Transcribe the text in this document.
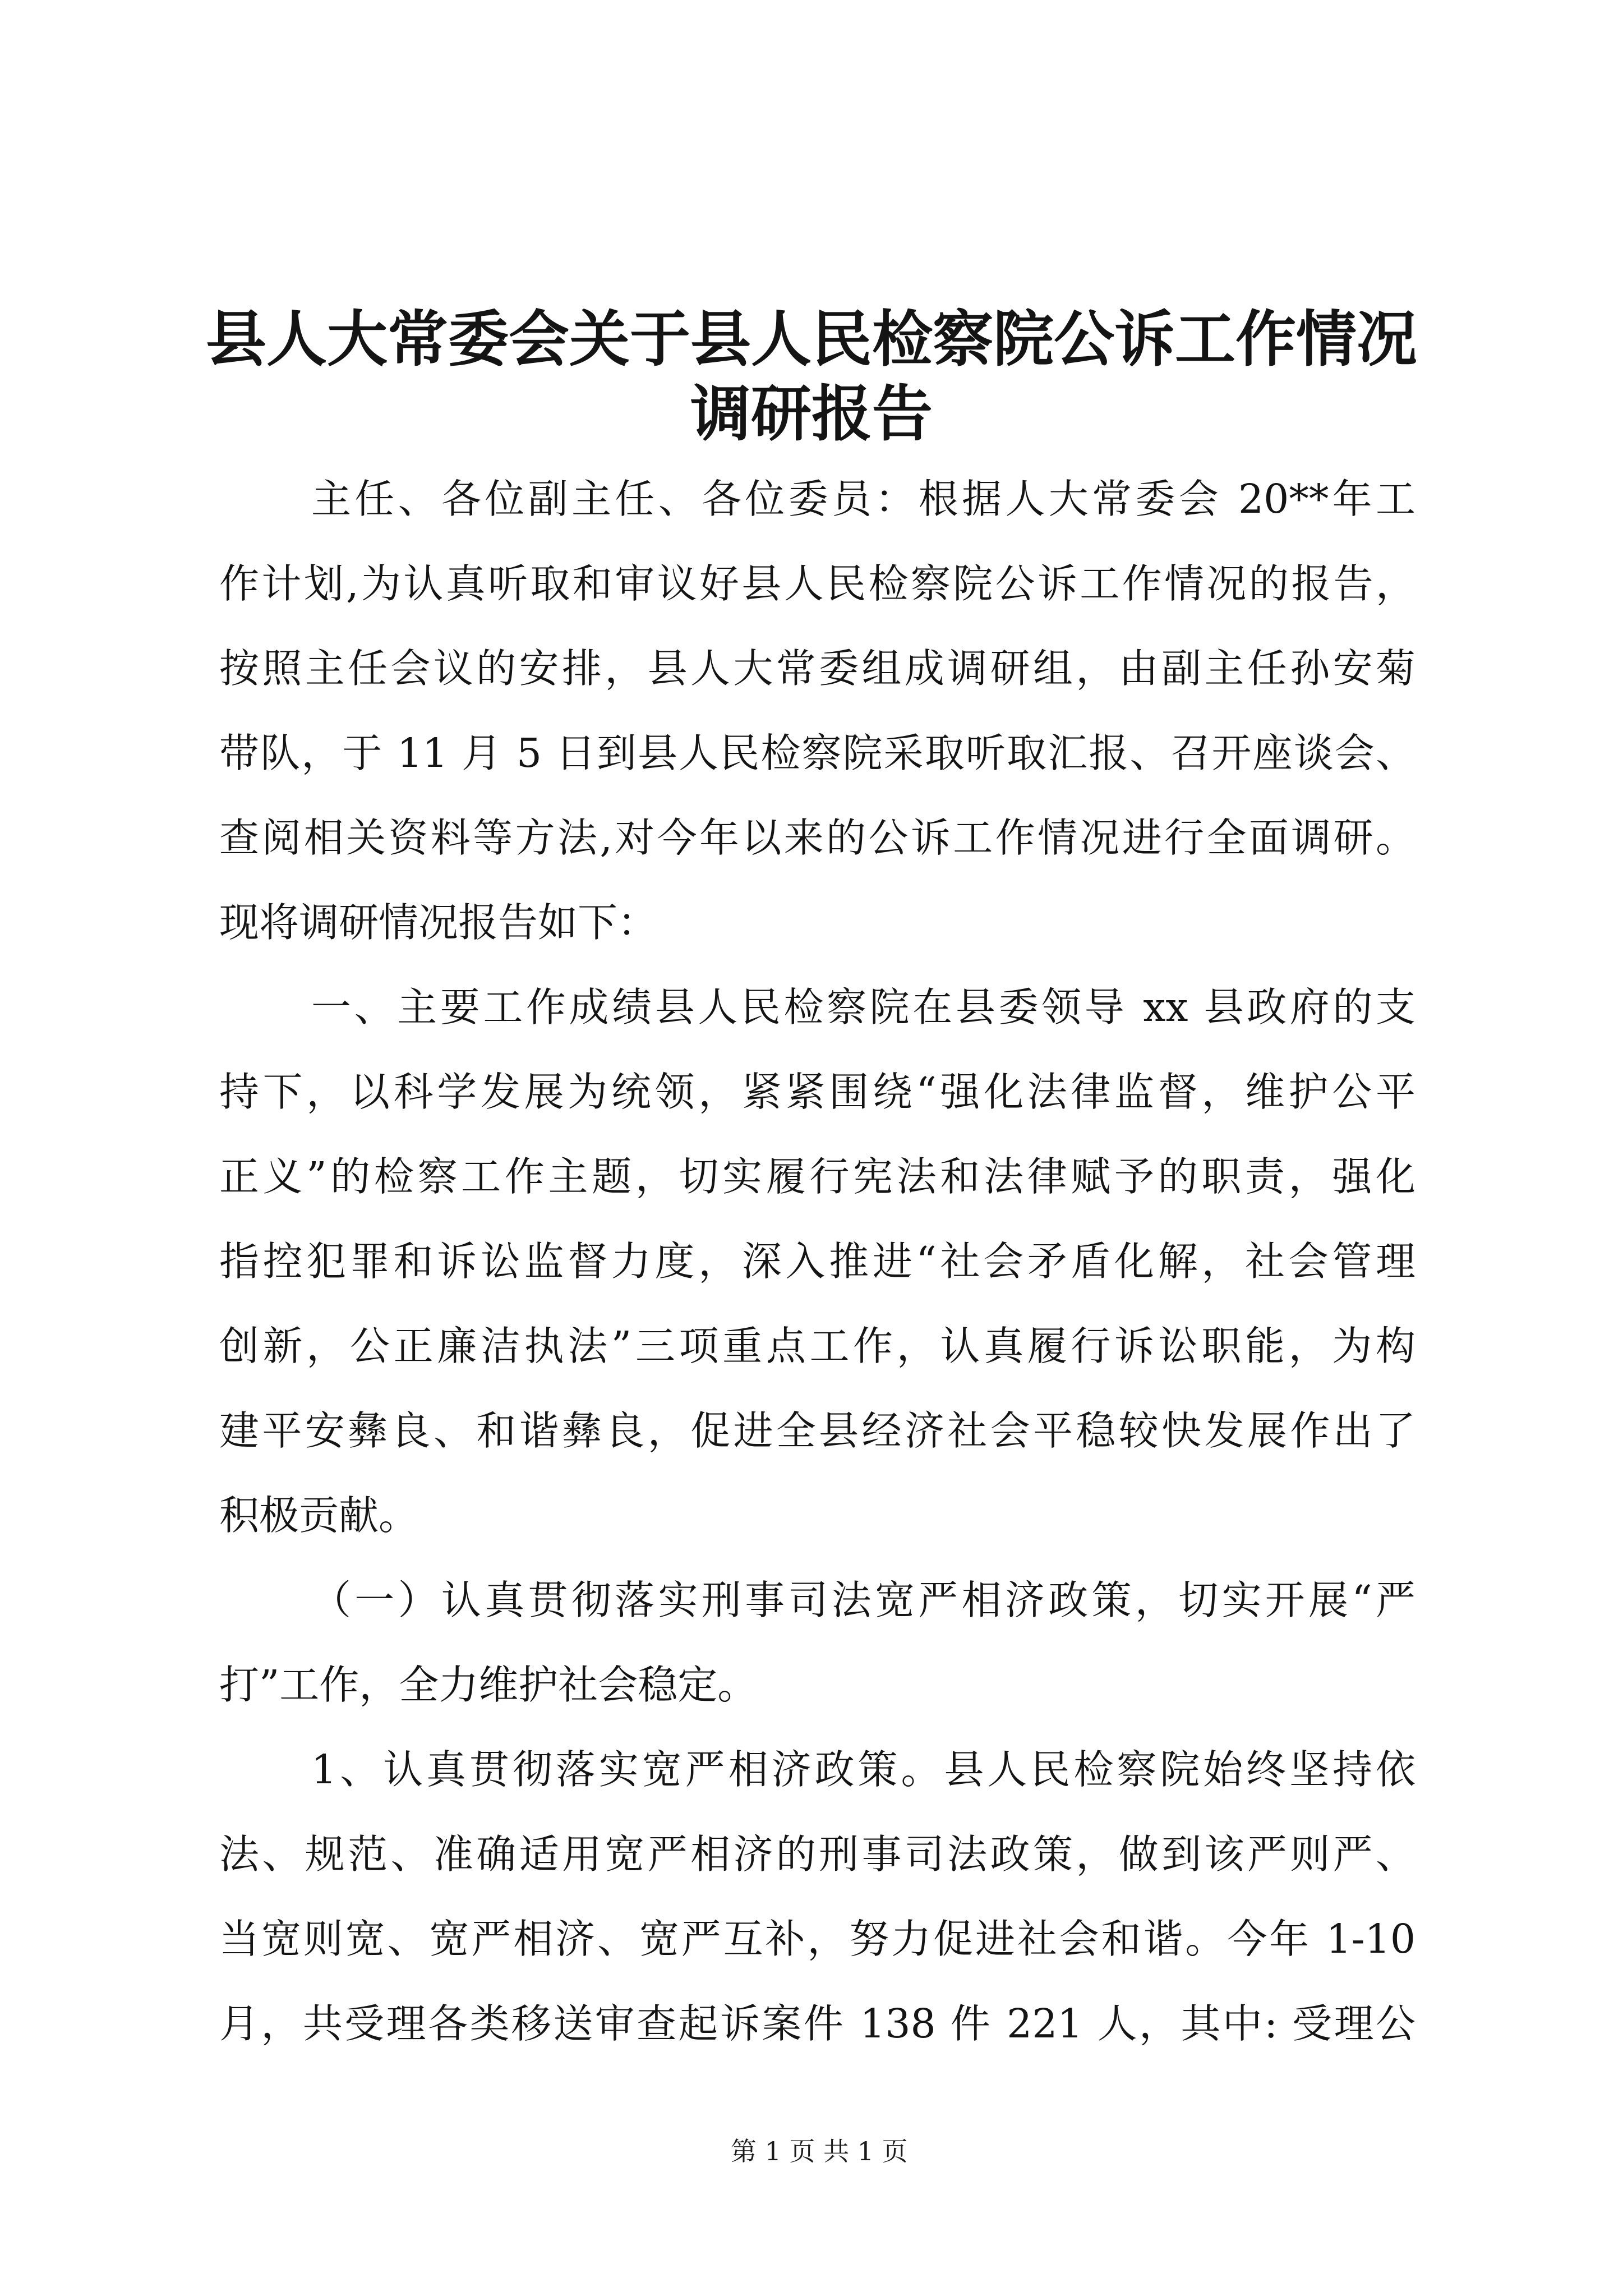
县人大常委会关于县人民检察院公诉工作情况
调研报告
主任、各位副主任、各位委员：根据人大常委会 20**年工
作计划,为认真听取和审议好县人民检察院公诉工作情况的报告，
按照主任会议的安排，县人大常委组成调研组，由副主任孙安菊
带队，于 11 月 5 日到县人民检察院采取听取汇报、召开座谈会、
查阅相关资料等方法,对今年以来的公诉工作情况进行全面调研。
现将调研情况报告如下：
一、主要工作成绩县人民检察院在县委领导 xx 县政府的支
持下，以科学发展为统领，紧紧围绕“强化法律监督，维护公平
正义”的检察工作主题，切实履行宪法和法律赋予的职责，强化
指控犯罪和诉讼监督力度，深入推进“社会矛盾化解，社会管理
创新，公正廉洁执法”三项重点工作，认真履行诉讼职能，为构
建平安彝良、和谐彝良，促进全县经济社会平稳较快发展作出了
积极贡献。
（一）认真贯彻落实刑事司法宽严相济政策，切实开展“严
打”工作，全力维护社会稳定。
1、认真贯彻落实宽严相济政策。县人民检察院始终坚持依
法、规范、准确适用宽严相济的刑事司法政策，做到该严则严、
当宽则宽、宽严相济、宽严互补，努力促进社会和谐。今年 1-10
月，共受理各类移送审查起诉案件 138 件 221 人，其中: 受理公
第 1 页 共 1 页
